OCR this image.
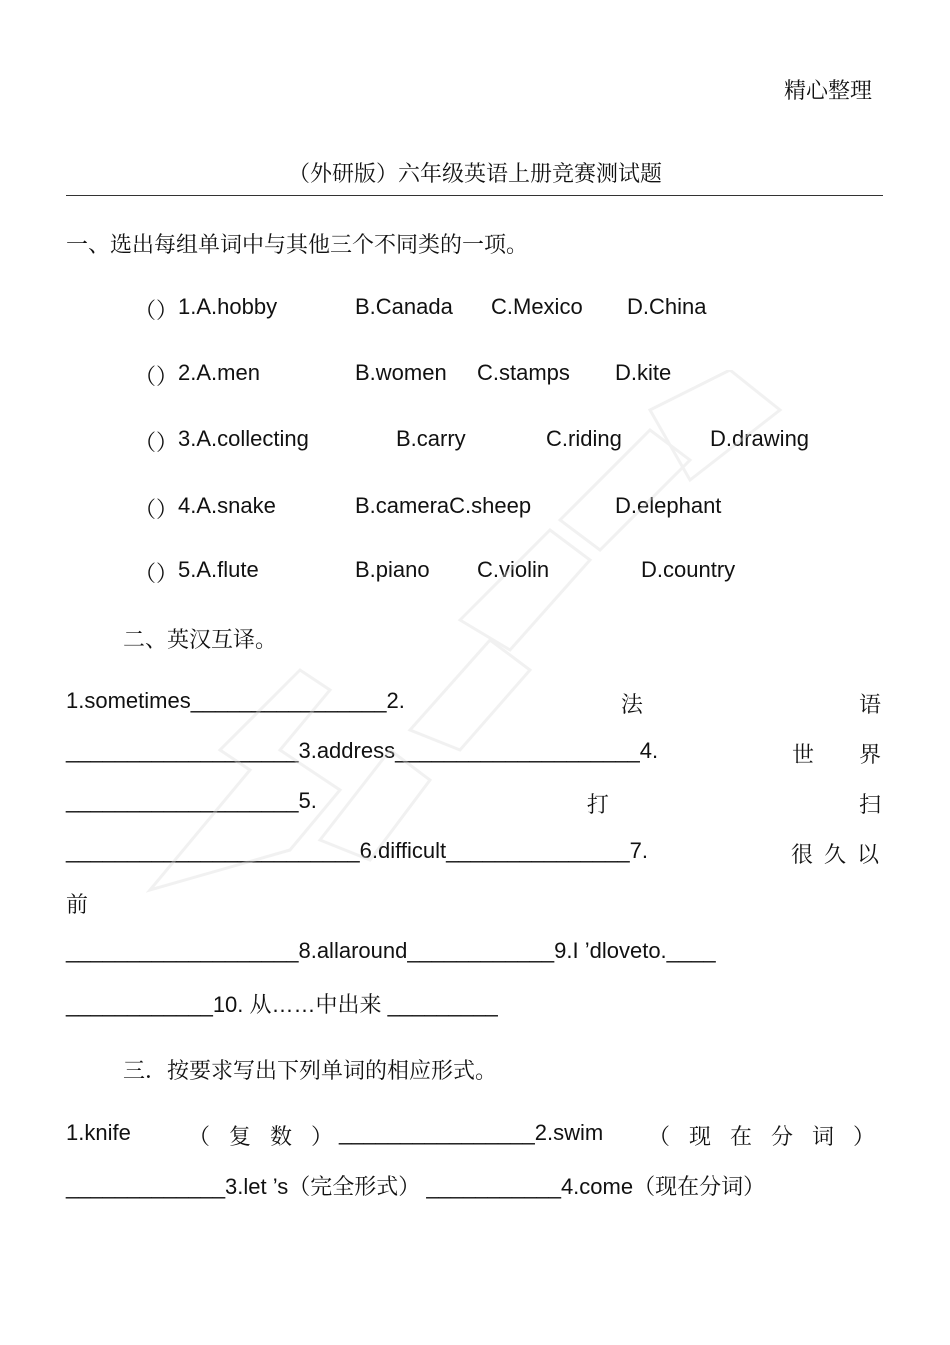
精心整理
（外研版）六年级英语上册竞赛测试题
一、选出每组单词中与其他三个不同类的一项。
（） 1.A.hobby	B.Canada C.Mexico D.China
（） 2.A.men	B.women C.stamps D.kite
（） 3.A.collecting	B.carry	C.riding	D.drawing
（） 4.A.snake	B.cameraC.sheep	D.elephant
（） 5.A.flute	B.piano C.violin	D.country
二、英汉互译。
1.sometimes________________2.	法	语
___________________3.address____________________4.	世 界
___________________5.	打	扫
________________________6.difficult_______________7.	很 久 以
前
___________________8.allaround____________9.I ’dloveto.____
____________10. 从……中出来 _________
三．按要求写出下列单词的相应形式。
1.knife	（ 复 数 ） ________________2.swim （ 现 在 分 词 ）
_____________3.let ’s（完全形式） ___________4.come（现在分词）
